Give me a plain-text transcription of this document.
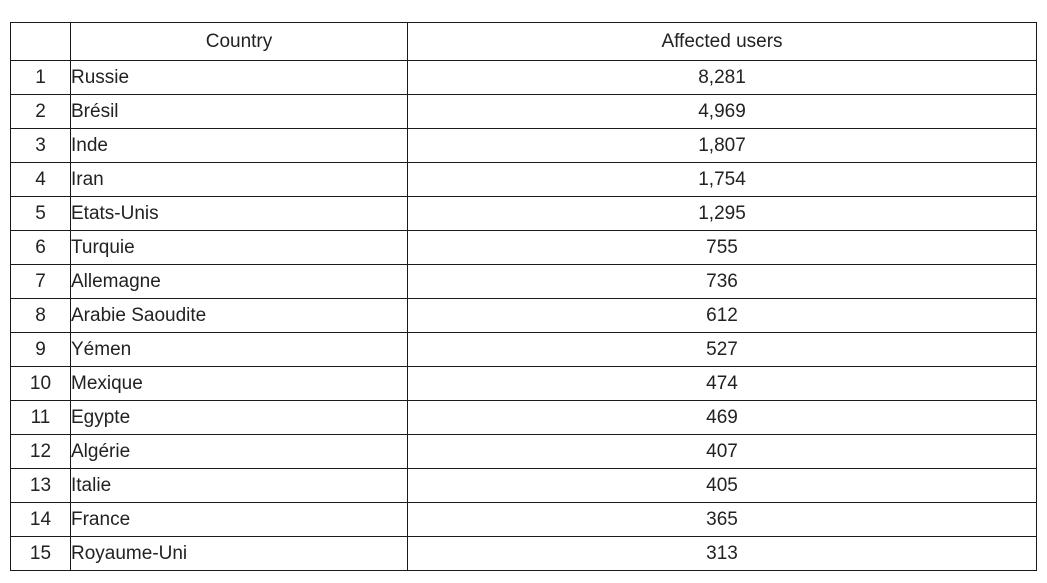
	Country	Affected users
1	Russie	8,281
2	Brésil	4,969
3	Inde	1,807
4	Iran	1,754
5	Etats-Unis	1,295
6	Turquie	755
7	Allemagne	736
8	Arabie Saoudite	612
9	Yémen	527
10	Mexique	474
11	Egypte	469
12	Algérie	407
13	Italie	405
14	France	365
15	Royaume-Uni	313
